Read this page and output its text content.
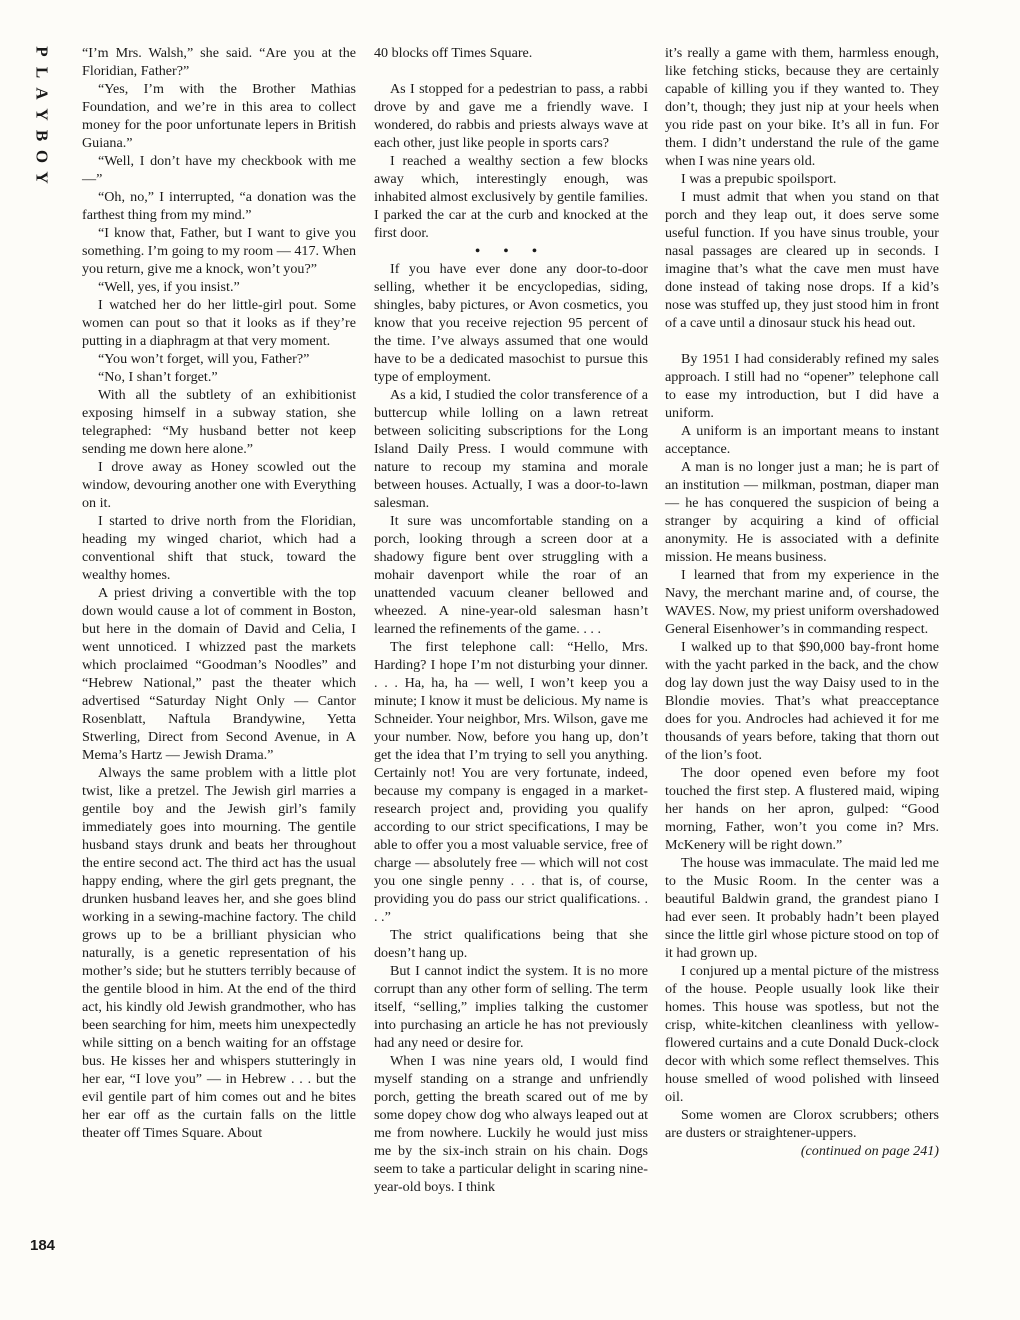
P
L
A
Y
B
O
Y

“I’m Mrs. Walsh,” she said. “Are you at the Floridian, Father?”

“Yes, I’m with the Brother Mathias Foundation, and we’re in this area to collect money for the poor unfortunate lepers in British Guiana.”

“Well, I don’t have my checkbook with me —”

“Oh, no,” I interrupted, “a donation was the farthest thing from my mind.”

“I know that, Father, but I want to give you something. I’m going to my room — 417. When you return, give me a knock, won’t you?”

“Well, yes, if you insist.”

I watched her do her little-girl pout. Some women can pout so that it looks as if they’re putting in a diaphragm at that very moment.

“You won’t forget, will you, Father?”

“No, I shan’t forget.”

With all the subtlety of an exhibitionist exposing himself in a subway station, she telegraphed: “My husband better not keep sending me down here alone.”

I drove away as Honey scowled out the window, devouring another one with Everything on it.

I started to drive north from the Floridian, heading my winged chariot, which had a conventional shift that stuck, toward the wealthy homes.

A priest driving a convertible with the top down would cause a lot of comment in Boston, but here in the domain of David and Celia, I went unnoticed. I whizzed past the markets which proclaimed “Goodman’s Noodles” and “Hebrew National,” past the theater which advertised “Saturday Night Only — Cantor Rosenblatt, Naftula Brandywine, Yetta Stwerling, Direct from Second Avenue, in A Mema’s Hartz — Jewish Drama.”

Always the same problem with a little plot twist, like a pretzel. The Jewish girl marries a gentile boy and the Jewish girl’s family immediately goes into mourning. The gentile husband stays drunk and beats her throughout the entire second act. The third act has the usual happy ending, where the girl gets pregnant, the drunken husband leaves her, and she goes blind working in a sewing-machine factory. The child grows up to be a brilliant physician who naturally, is a genetic representation of his mother’s side; but he stutters terribly because of the gentile blood in him. At the end of the third act, his kindly old Jewish grandmother, who has been searching for him, meets him unexpectedly while sitting on a bench waiting for an offstage bus. He kisses her and whispers stutteringly in her ear, “I love you” — in Hebrew . . . but the evil gentile part of him comes out and he bites her ear off as the curtain falls on the little theater off Times Square. About

40 blocks off Times Square.

As I stopped for a pedestrian to pass, a rabbi drove by and gave me a friendly wave. I wondered, do rabbis and priests always wave at each other, just like people in sports cars?

I reached a wealthy section a few blocks away which, interestingly enough, was inhabited almost exclusively by gentile families. I parked the car at the curb and knocked at the first door.

• • •

If you have ever done any door-to-door selling, whether it be encyclopedias, siding, shingles, baby pictures, or Avon cosmetics, you know that you receive rejection 95 percent of the time. I’ve always assumed that one would have to be a dedicated masochist to pursue this type of employment.

As a kid, I studied the color transference of a buttercup while lolling on a lawn retreat between soliciting subscriptions for the Long Island Daily Press. I would commune with nature to recoup my stamina and morale between houses. Actually, I was a door-to-lawn salesman.

It sure was uncomfortable standing on a porch, looking through a screen door at a shadowy figure bent over struggling with a mohair davenport while the roar of an unattended vacuum cleaner bellowed and wheezed. A nine-year-old salesman hasn’t learned the refinements of the game. . . .

The first telephone call: “Hello, Mrs. Harding? I hope I’m not disturbing your dinner. . . . Ha, ha, ha — well, I won’t keep you a minute; I know it must be delicious. My name is Schneider. Your neighbor, Mrs. Wilson, gave me your number. Now, before you hang up, don’t get the idea that I’m trying to sell you anything. Certainly not! You are very fortunate, indeed, because my company is engaged in a market-research project and, providing you qualify according to our strict specifications, I may be able to offer you a most valuable service, free of charge — absolutely free — which will not cost you one single penny . . . that is, of course, providing you do pass our strict qualifications. . . .”

The strict qualifications being that she doesn’t hang up.

But I cannot indict the system. It is no more corrupt than any other form of selling. The term itself, “selling,” implies talking the customer into purchasing an article he has not previously had any need or desire for.

When I was nine years old, I would find myself standing on a strange and unfriendly porch, getting the breath scared out of me by some dopey chow dog who always leaped out at me from nowhere. Luckily he would just miss me by the six-inch strain on his chain. Dogs seem to take a particular delight in scaring nine-year-old boys. I think

it’s really a game with them, harmless enough, like fetching sticks, because they are certainly capable of killing you if they wanted to. They don’t, though; they just nip at your heels when you ride past on your bike. It’s all in fun. For them. I didn’t understand the rule of the game when I was nine years old.

I was a prepubic spoilsport.

I must admit that when you stand on that porch and they leap out, it does serve some useful function. If you have sinus trouble, your nasal passages are cleared up in seconds. I imagine that’s what the cave men must have done instead of taking nose drops. If a kid’s nose was stuffed up, they just stood him in front of a cave until a dinosaur stuck his head out.

By 1951 I had considerably refined my sales approach. I still had no “opener” telephone call to ease my introduction, but I did have a uniform.

A uniform is an important means to instant acceptance.

A man is no longer just a man; he is part of an institution — milkman, postman, diaper man — he has conquered the suspicion of being a stranger by acquiring a kind of official anonymity. He is associated with a definite mission. He means business.

I learned that from my experience in the Navy, the merchant marine and, of course, the WAVES. Now, my priest uniform overshadowed General Eisenhower’s in commanding respect.

I walked up to that $90,000 bay-front home with the yacht parked in the back, and the chow dog lay down just the way Daisy used to in the Blondie movies. That’s what preacceptance does for you. Androcles had achieved it for me thousands of years before, taking that thorn out of the lion’s foot.

The door opened even before my foot touched the first step. A flustered maid, wiping her hands on her apron, gulped: “Good morning, Father, won’t you come in? Mrs. McKenery will be right down.”

The house was immaculate. The maid led me to the Music Room. In the center was a beautiful Baldwin grand, the grandest piano I had ever seen. It probably hadn’t been played since the little girl whose picture stood on top of it had grown up.

I conjured up a mental picture of the mistress of the house. People usually look like their homes. This house was spotless, but not the crisp, white-kitchen cleanliness with yellow-flowered curtains and a cute Donald Duck-clock decor with which some reflect themselves. This house smelled of wood polished with linseed oil.

Some women are Clorox scrubbers; others are dusters or straightener-uppers.

(continued on page 241)

184
